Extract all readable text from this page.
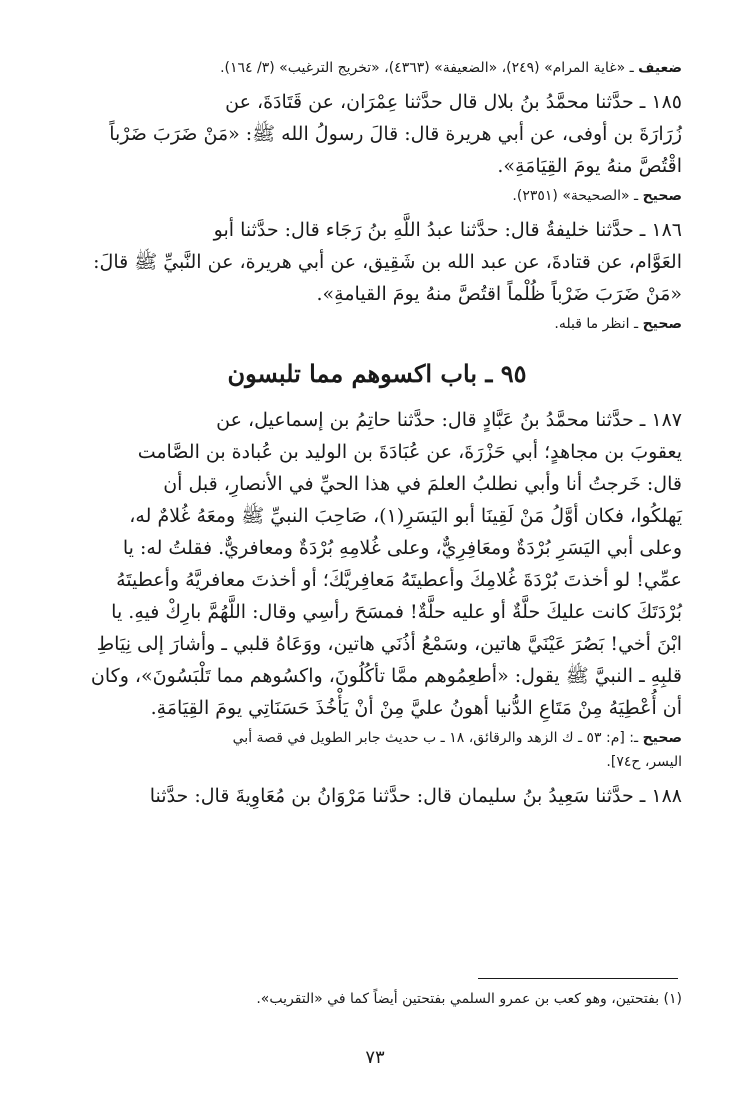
ضعيف ـ «غاية المرام» (٢٤٩)، «الضعيفة» (٤٣٦٣)، «تخريج الترغيب» (٣/ ١٦٤).

١٨٥ ـ حدَّثنا محمَّدُ بنُ بلال قال حدَّثنا عِمْرَان، عن قَتَادَةَ، عن

زُرَارَةَ بن أوفى، عن أبي هريرة قال: قالَ رسولُ الله ﷺ: «مَنْ ضَرَبَ ضَرْباً

اقْتُصَّ منهُ يومَ القِيَامَةِ».

صحيح ـ «الصحيحة» (٢٣٥١).

١٨٦ ـ حدَّثنا خليفةُ قال: حدَّثنا عبدُ اللَّهِ بنُ رَجَاء قال: حدَّثنا أبو

العَوَّام، عن قتادةَ، عن عبد الله بن شَقِيق، عن أبي هريرة، عن النَّبيِّ ﷺ قالَ:

«مَنْ ضَرَبَ ضَرْباً ظُلْماً اقتُصَّ منهُ يومَ القيامةِ».

صحيح ـ انظر ما قبله.
٩٥ ـ باب اكسوهم مما تلبسون

١٨٧ ـ حدَّثنا محمَّدُ بنُ عَبَّادٍ قال: حدَّثنا حاتِمُ بن إسماعيل، عن

يعقوبَ بن مجاهدٍ؛ أبي حَزْرَةَ، عن عُبَادَةَ بن الوليد بن عُبادة بن الصَّامت

قال: خَرجتُ أنا وأبي نطلبُ العلمَ في هذا الحيِّ في الأنصارِ، قبل أن

يَهلكُوا، فكان أوَّلُ مَنْ لَقِينَا أبو اليَسَرِ(١)، صَاحِبَ النبيِّ ﷺ ومعَهُ غُلامٌ له،

وعلى أبي اليَسَرِ بُرْدَةٌ ومعَافِرِيٌّ، وعلى غُلامِهِ بُرْدَةٌ ومعافريٌّ. فقلتُ له: يا

عمِّي! لو أخذتَ بُرْدَةَ غُلامِكَ وأعطيتَهُ مَعافِريَّكَ؛ أو أخذتَ معافريَّهُ وأعطيتَهُ

بُرْدَتَكَ كانت عليكَ حلَّةٌ أو عليه حلَّةٌ! فمسَحَ رأسِي وقال: اللَّهُمَّ بارِكْ فيهِ. يا

ابْنَ أخي! بَصُرَ عَيْنَيَّ هاتين، وسَمْعُ أذُنَي هاتين، ووَعَاهُ قلبي ـ وأشارَ إلى نِيَاطِ

قلبِهِ ـ النبيَّ ﷺ يقول: «أطعِمُوهم ممَّا تأكُلُونَ، واكسُوهم مما تَلْبَسُونَ»، وكان

أن أُعْطِيَهُ مِنْ مَتَاعِ الدُّنيا أهونُ عليَّ مِنْ أنْ يَأْخُذَ حَسَنَاتِي يومَ القِيَامَةِ.

صحيح ـ: [م: ٥٣ ـ ك الزهد والرقائق، ١٨ ـ ب حديث جابر الطويل في قصة أبي
اليسر، ح٧٤].

١٨٨ ـ حدَّثنا سَعِيدُ بنُ سليمان قال: حدَّثنا مَرْوَانُ بن مُعَاوِيةَ قال: حدَّثنا

(١) بفتحتين، وهو كعب بن عمرو السلمي بفتحتين أيضاً كما في «التقريب».
٧٣
